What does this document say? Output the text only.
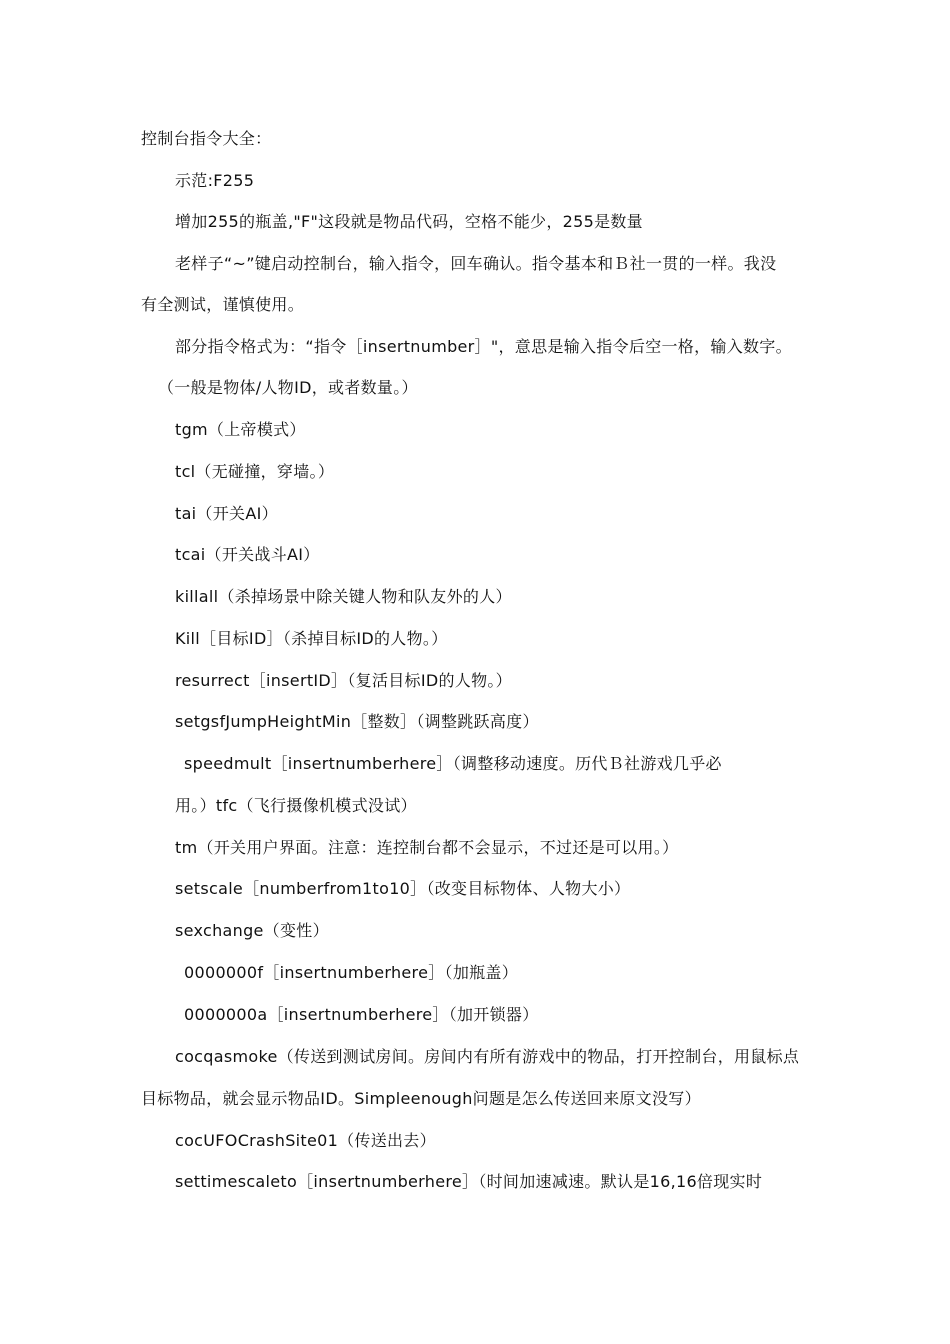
控制台指令大全：

示范:F255

增加255的瓶盖,"F"这段就是物品代码，空格不能少，255是数量

老样子“~”键启动控制台，输入指令，回车确认。指令基本和Ｂ社一贯的一样。我没

有全测试，谨慎使用。

部分指令格式为：“指令［insertnumber］"，意思是输入指令后空一格，输入数字。

（一般是物体/人物ID，或者数量。）

tgm（上帝模式）

tcl（无碰撞，穿墙。）

tai（开关AI）

tcai（开关战斗AI）

killall（杀掉场景中除关键人物和队友外的人）

Kill［目标ID］（杀掉目标ID的人物。）

resurrect［insertID］（复活目标ID的人物。）

setgsfJumpHeightMin［整数］（调整跳跃高度）

speedmult［insertnumberhere］（调整移动速度。历代Ｂ社游戏几乎必

用。）tfc（飞行摄像机模式没试）

tm（开关用户界面。注意：连控制台都不会显示，不过还是可以用。）

setscale［numberfrom1to10］（改变目标物体、人物大小）

sexchange（变性）

0000000f［insertnumberhere］（加瓶盖）

0000000a［insertnumberhere］（加开锁器）

cocqasmoke（传送到测试房间。房间内有所有游戏中的物品，打开控制台，用鼠标点

目标物品，就会显示物品ID。Simpleenough问题是怎么传送回来原文没写）

cocUFOCrashSite01（传送出去）

settimescaleto［insertnumberhere］（时间加速减速。默认是16,16倍现实时
